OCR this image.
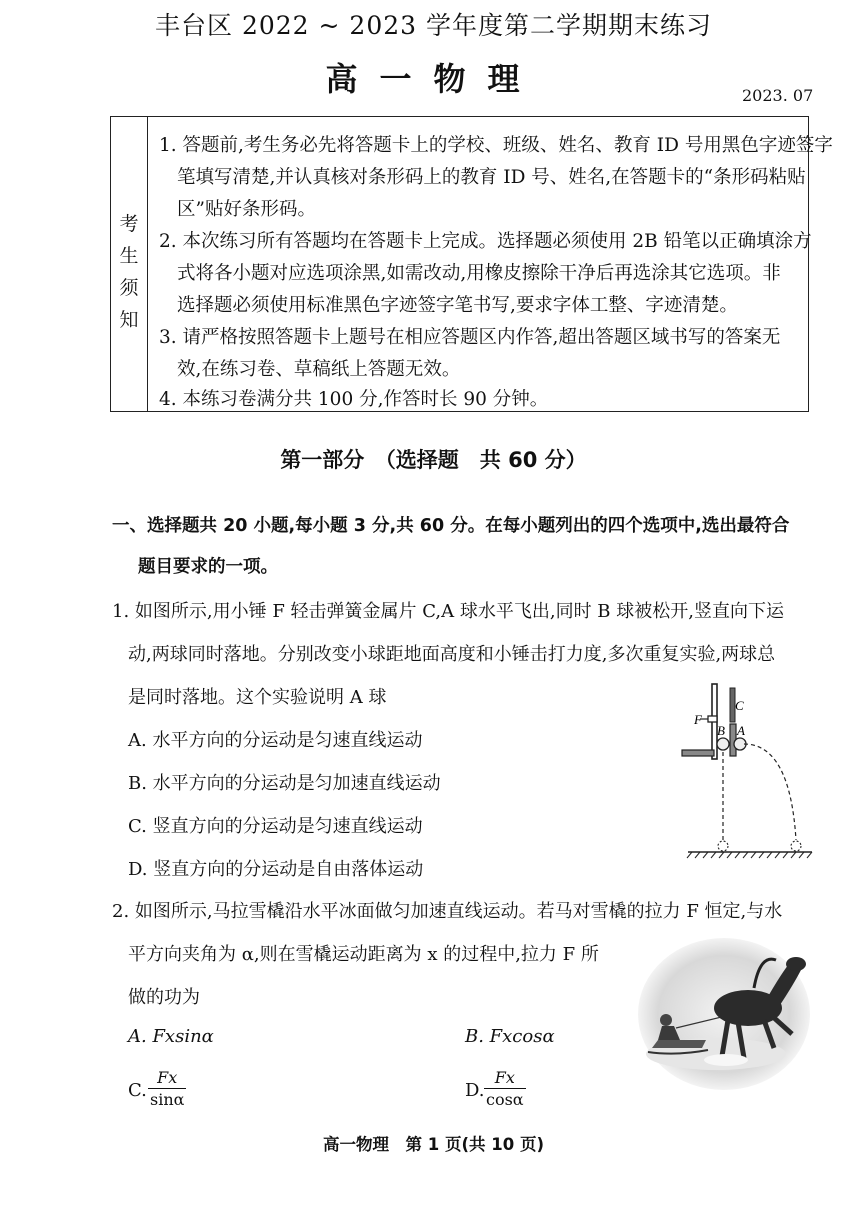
丰台区 2022 ~ 2023 学年度第二学期期末练习
高一物理	2023. 07
考
生
须
知
1. 答题前,考生务必先将答题卡上的学校、班级、姓名、教育 ID 号用黑色字迹签字
笔填写清楚,并认真核对条形码上的教育 ID 号、姓名,在答题卡的“条形码粘贴
区”贴好条形码。
2. 本次练习所有答题均在答题卡上完成。选择题必须使用 2B 铅笔以正确填涂方
式将各小题对应选项涂黑,如需改动,用橡皮擦除干净后再选涂其它选项。非
选择题必须使用标准黑色字迹签字笔书写,要求字体工整、字迹清楚。
3. 请严格按照答题卡上题号在相应答题区内作答,超出答题区域书写的答案无
效,在练习卷、草稿纸上答题无效。
4. 本练习卷满分共 100 分,作答时长 90 分钟。
第一部分　（选择题　共 60 分）
一、选择题共 20 小题,每小题 3 分,共 60 分。在每小题列出的四个选项中,选出最符合
题目要求的一项。
1. 如图所示,用小锤 F 轻击弹簧金属片 C,A 球水平飞出,同时 B 球被松开,竖直向下运
动,两球同时落地。分别改变小球距地面高度和小锤击打力度,多次重复实验,两球总
是同时落地。这个实验说明 A 球
A. 水平方向的分运动是匀速直线运动
B. 水平方向的分运动是匀加速直线运动
C. 竖直方向的分运动是匀速直线运动
D. 竖直方向的分运动是自由落体运动
F
C
B A
2. 如图所示,马拉雪橇沿水平冰面做匀加速直线运动。若马对雪橇的拉力 F 恒定,与水
平方向夹角为 α,则在雪橇运动距离为 x 的过程中,拉力 F 所
做的功为
A. Fxsinα	B. Fxcosα
C. $\frac{Fx}{\sin\alpha}$	D. $\frac{Fx}{\cos\alpha}$
高一物理　第 1 页(共 10 页)
